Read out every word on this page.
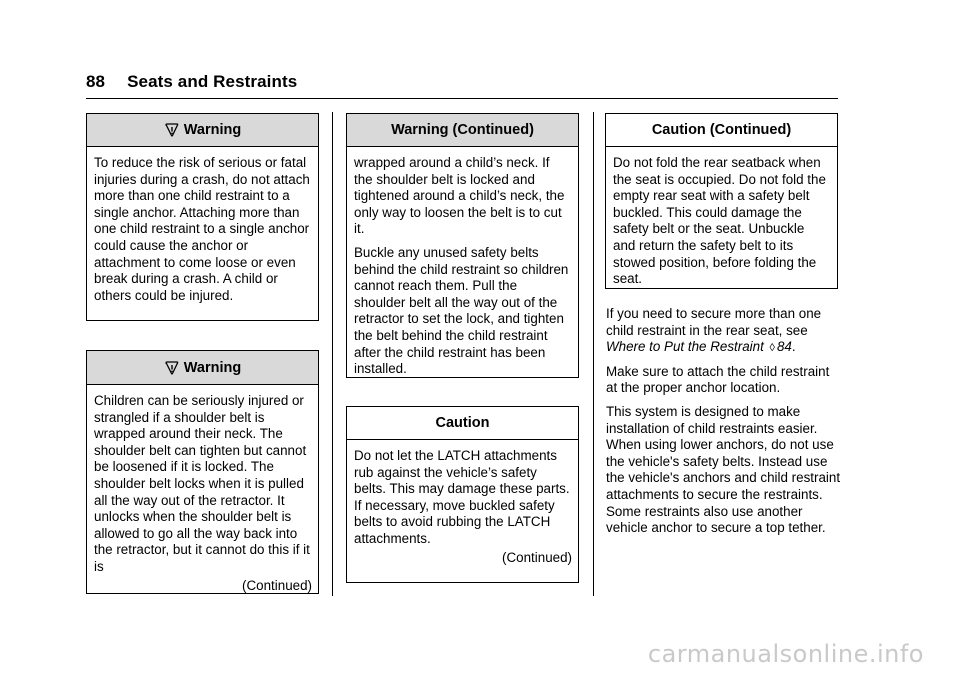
88 Seats and Restraints
Warning

To reduce the risk of serious or fatal injuries during a crash, do not attach more than one child restraint to a single anchor. Attaching more than one child restraint to a single anchor could cause the anchor or attachment to come loose or even break during a crash. A child or others could be injured.

Warning

Children can be seriously injured or strangled if a shoulder belt is wrapped around their neck. The shoulder belt can tighten but cannot be loosened if it is locked. The shoulder belt locks when it is pulled all the way out of the retractor. It unlocks when the shoulder belt is allowed to go all the way back into the retractor, but it cannot do this if it is

(Continued)
Warning (Continued)

wrapped around a child’s neck. If the shoulder belt is locked and tightened around a child’s neck, the only way to loosen the belt is to cut it.

Buckle any unused safety belts behind the child restraint so children cannot reach them. Pull the shoulder belt all the way out of the retractor to set the lock, and tighten the belt behind the child restraint after the child restraint has been installed.

Caution

Do not let the LATCH attachments rub against the vehicle’s safety belts. This may damage these parts. If necessary, move buckled safety belts to avoid rubbing the LATCH attachments.

(Continued)
Caution (Continued)

Do not fold the rear seatback when the seat is occupied. Do not fold the empty rear seat with a safety belt buckled. This could damage the safety belt or the seat. Unbuckle and return the safety belt to its stowed position, before folding the seat.

If you need to secure more than one child restraint in the rear seat, see Where to Put the Restraint ◊ 84.

Make sure to attach the child restraint at the proper anchor location.

This system is designed to make installation of child restraints easier. When using lower anchors, do not use the vehicle's safety belts. Instead use the vehicle's anchors and child restraint attachments to secure the restraints. Some restraints also use another vehicle anchor to secure a top tether.

carmanualsonline.info
